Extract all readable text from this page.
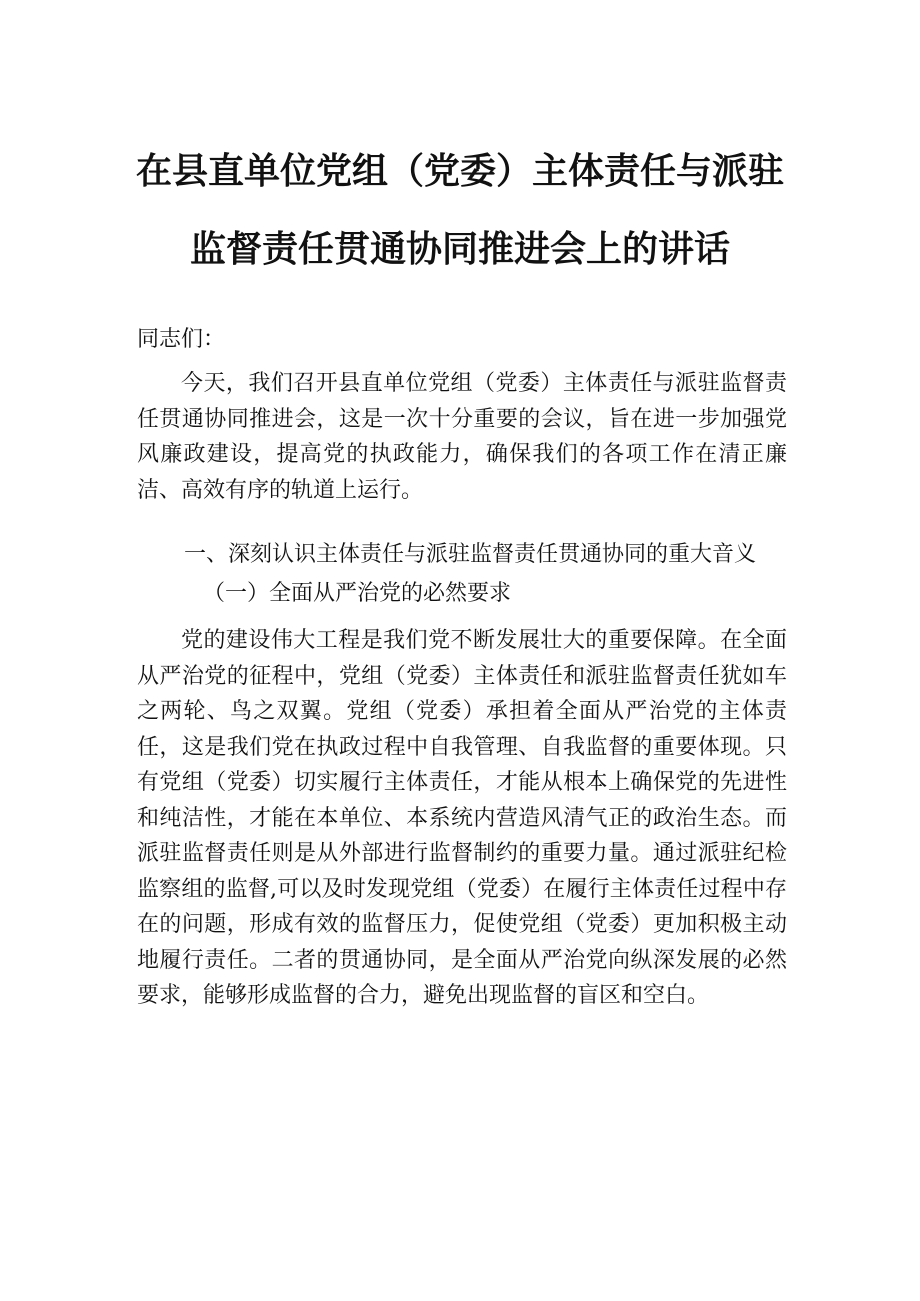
在县直单位党组（党委）主体责任与派驻
监督责任贯通协同推进会上的讲话

同志们：

今天，我们召开县直单位党组（党委）主体责任与派驻监督责任贯通协同推进会，这是一次十分重要的会议，旨在进一步加强党风廉政建设，提高党的执政能力，确保我们的各项工作在清正廉洁、高效有序的轨道上运行。

一、深刻认识主体责任与派驻监督责任贯通协同的重大音义

（一）全面从严治党的必然要求

党的建设伟大工程是我们党不断发展壮大的重要保障。在全面从严治党的征程中，党组（党委）主体责任和派驻监督责任犹如车之两轮、鸟之双翼。党组（党委）承担着全面从严治党的主体责任，这是我们党在执政过程中自我管理、自我监督的重要体现。只有党组（党委）切实履行主体责任，才能从根本上确保党的先进性和纯洁性，才能在本单位、本系统内营造风清气正的政治生态。而派驻监督责任则是从外部进行监督制约的重要力量。通过派驻纪检监察组的监督,可以及时发现党组（党委）在履行主体责任过程中存在的问题，形成有效的监督压力，促使党组（党委）更加积极主动地履行责任。二者的贯通协同，是全面从严治党向纵深发展的必然要求，能够形成监督的合力，避免出现监督的盲区和空白。
